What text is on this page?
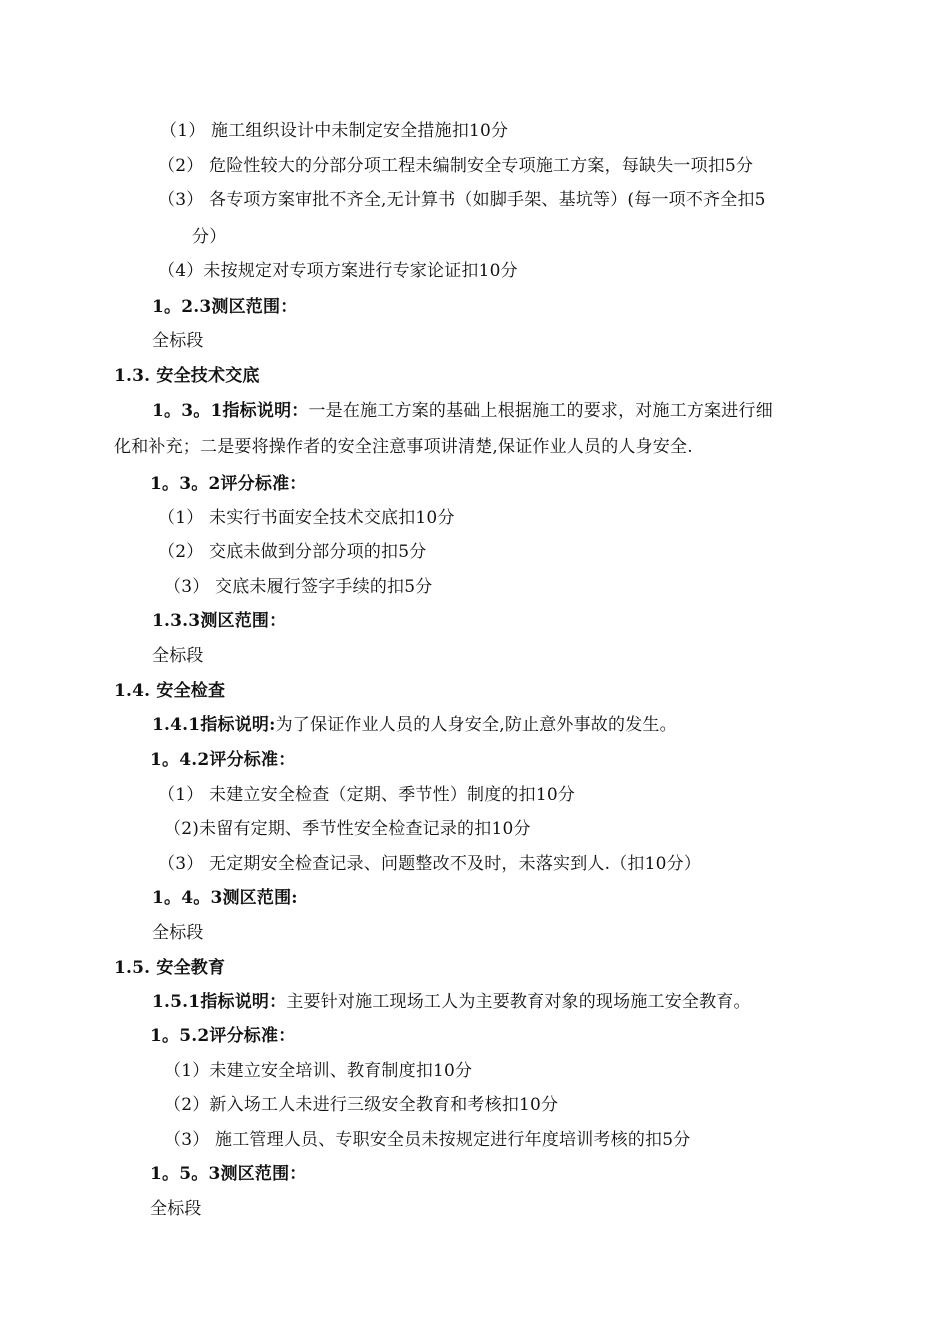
（1） 施工组织设计中未制定安全措施扣10分
（2） 危险性较大的分部分项工程未编制安全专项施工方案，每缺失一项扣5分
（3） 各专项方案审批不齐全,无计算书（如脚手架、基坑等）(每一项不齐全扣5
分）
（4）未按规定对专项方案进行专家论证扣10分
1。2.3测区范围：
全标段
1.3. 安全技术交底
1。3。1指标说明：一是在施工方案的基础上根据施工的要求，对施工方案进行细
化和补充；二是要将操作者的安全注意事项讲清楚,保证作业人员的人身安全.
1。3。2评分标准：
（1） 未实行书面安全技术交底扣10分
（2） 交底未做到分部分项的扣5分
（3） 交底未履行签字手续的扣5分
1.3.3测区范围：
全标段
1.4. 安全检查
1.4.1指标说明:为了保证作业人员的人身安全,防止意外事故的发生。
1。4.2评分标准：
（1） 未建立安全检查（定期、季节性）制度的扣10分
（2)未留有定期、季节性安全检查记录的扣10分
（3） 无定期安全检查记录、问题整改不及时，未落实到人.（扣10分）
1。4。3测区范围:
全标段
1.5. 安全教育
1.5.1指标说明：主要针对施工现场工人为主要教育对象的现场施工安全教育。
1。5.2评分标准：
（1）未建立安全培训、教育制度扣10分
（2）新入场工人未进行三级安全教育和考核扣10分
（3） 施工管理人员、专职安全员未按规定进行年度培训考核的扣5分
1。5。3测区范围：
全标段
